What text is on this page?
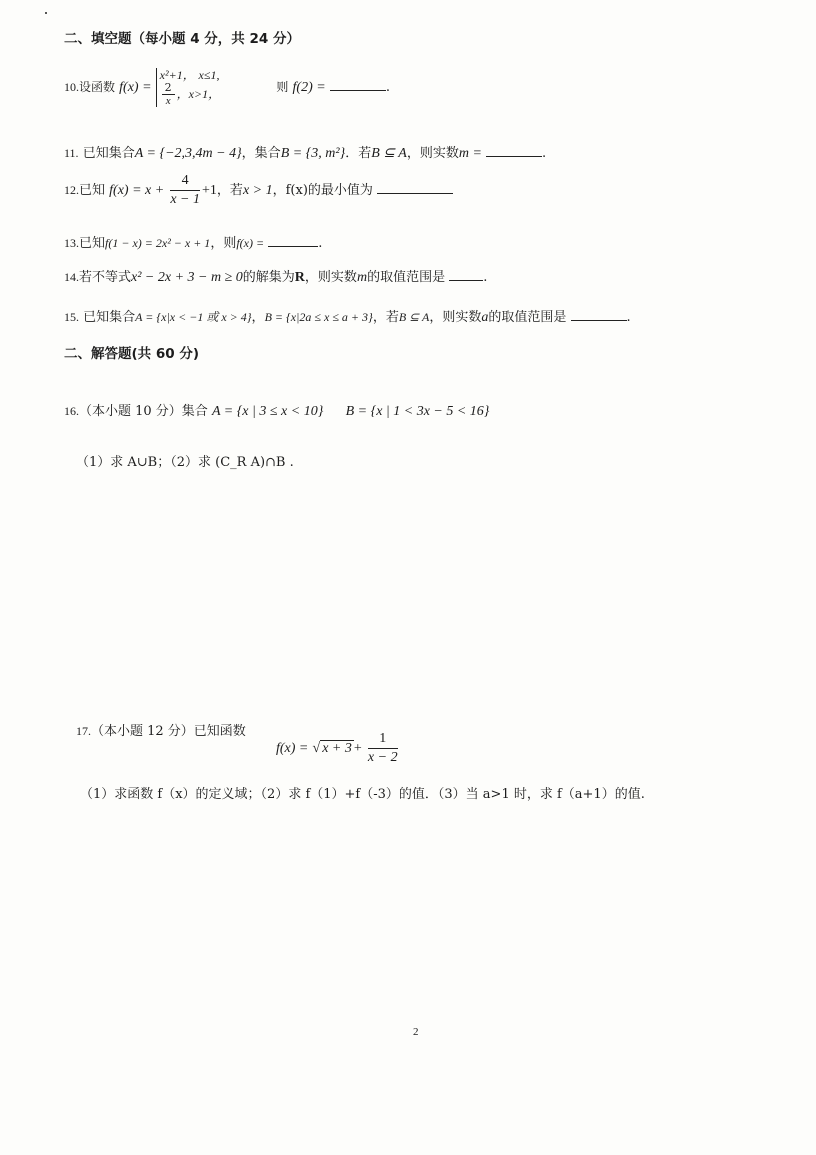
二、填空题（每小题 4 分，共 24 分）
10.设函数 f(x) =
x²+1， x≤1,
$\frac{2}{x}$ ，x>1，	则 f(2) =	.
11. 已知集合A = {−2,3,4m − 4}，集合B = {3, m²}．若B ⊆ A，则实数m =	.
12.已知 $f(x) = x + \frac{4}{x - 1} +1$，若x > 1，f(x)的最小值为
13.已知f(1 − x) = 2x² − x + 1，则f(x) =	.
14.若不等式x² − 2x + 3 − m ≥ 0的解集为R，则实数m的取值范围是	.
15. 已知集合A = {x|x < −1 或 x > 4}，B = {x|2a ≤ x ≤ a + 3}，若B ⊆ A，则实数a的取值范围是	.
二、解答题(共 60 分)
16.（本小题 10 分）集合 A = {x | 3 ≤ x < 10} B = {x | 1 < 3x − 5 < 16}
（1）求 A∪B；（2）求 (C_R A)∩B .
17.（本小题 12 分）已知函数
f(x) = √ $x + 3 + \frac{1}{x - 2}$
（1）求函数 f（x）的定义域；（2）求 f（1）+f（-3）的值．（3）当 a>1 时，求 f（a+1）的值.
2
